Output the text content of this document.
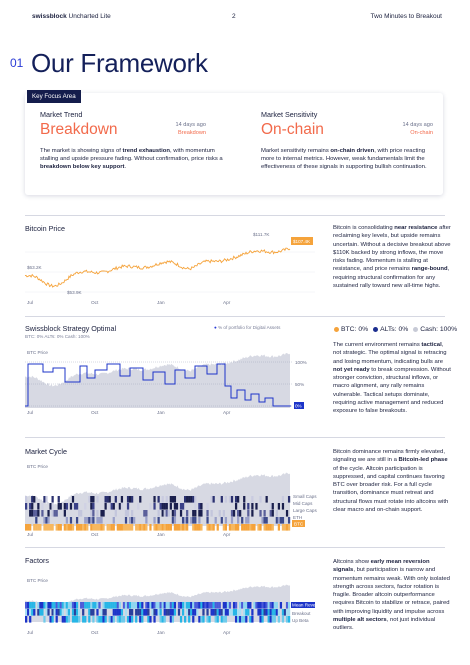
swissblock Uncharted Lite	2	Two Minutes to Breakout
01 Our Framework
Key Focus Area
Market Trend
Breakdown	14 days ago
Breakdown
The market is showing signs of trend exhaustion, with momentum stalling and upside pressure fading. Without confirmation, price risks a breakdown below key support.
Market Sensitivity
On-chain	14 days ago
On-chain
Market sensitivity remains on-chain driven, with price reacting more to internal metrics. However, weak fundamentals limit the effectiveness of these signals in supporting bullish continuation.
Bitcoin Price
$63.2K
$53.9K
$111.7K
$107.4K
Jul	Oct	Jan	Apr
Bitcoin is consolidating near resistance after reclaiming key levels, but upside remains uncertain. Without a decisive breakout above $110K backed by strong inflows, the move risks fading. Momentum is stalling at resistance, and price remains range-bound, requiring structural confirmation for any sustained rally toward new all-time highs.
Swissblock Strategy Optimal
BTC: 0% ALTs: 0% Cash: 100%
● % of portfolio for Digital Assets
BTC Price
100%
50%
0%
Jul	Oct	Jan	Apr
BTC: 0% ALTs: 0% Cash: 100%
The current environment remains tactical, not strategic. The optimal signal is retracing and losing momentum, indicating bulls are not yet ready to break compression. Without stronger conviction, structural inflows, or macro alignment, any rally remains vulnerable. Tactical setups dominate, requiring active management and reduced exposure to false breakouts.
Market Cycle
BTC Price
Small Caps
Mid Caps
Large Caps
ETH
BTC
Jul	Oct	Jan	Apr
Bitcoin dominance remains firmly elevated, signaling we are still in a Bitcoin-led phase of the cycle. Altcoin participation is suppressed, and capital continues favoring BTC over broader risk. For a full cycle transition, dominance must retreat and structural flows must rotate into altcoins with clear macro and on-chain support.
Factors
BTC Price
Mean Reversion
Breakout
Up Beta
Jul	Oct	Jan	Apr
Altcoins show early mean reversion signals, but participation is narrow and momentum remains weak. With only isolated strength across sectors, factor rotation is fragile. Broader altcoin outperformance requires Bitcoin to stabilize or retrace, paired with improving liquidity and impulse across multiple alt sectors, not just individual outliers.
